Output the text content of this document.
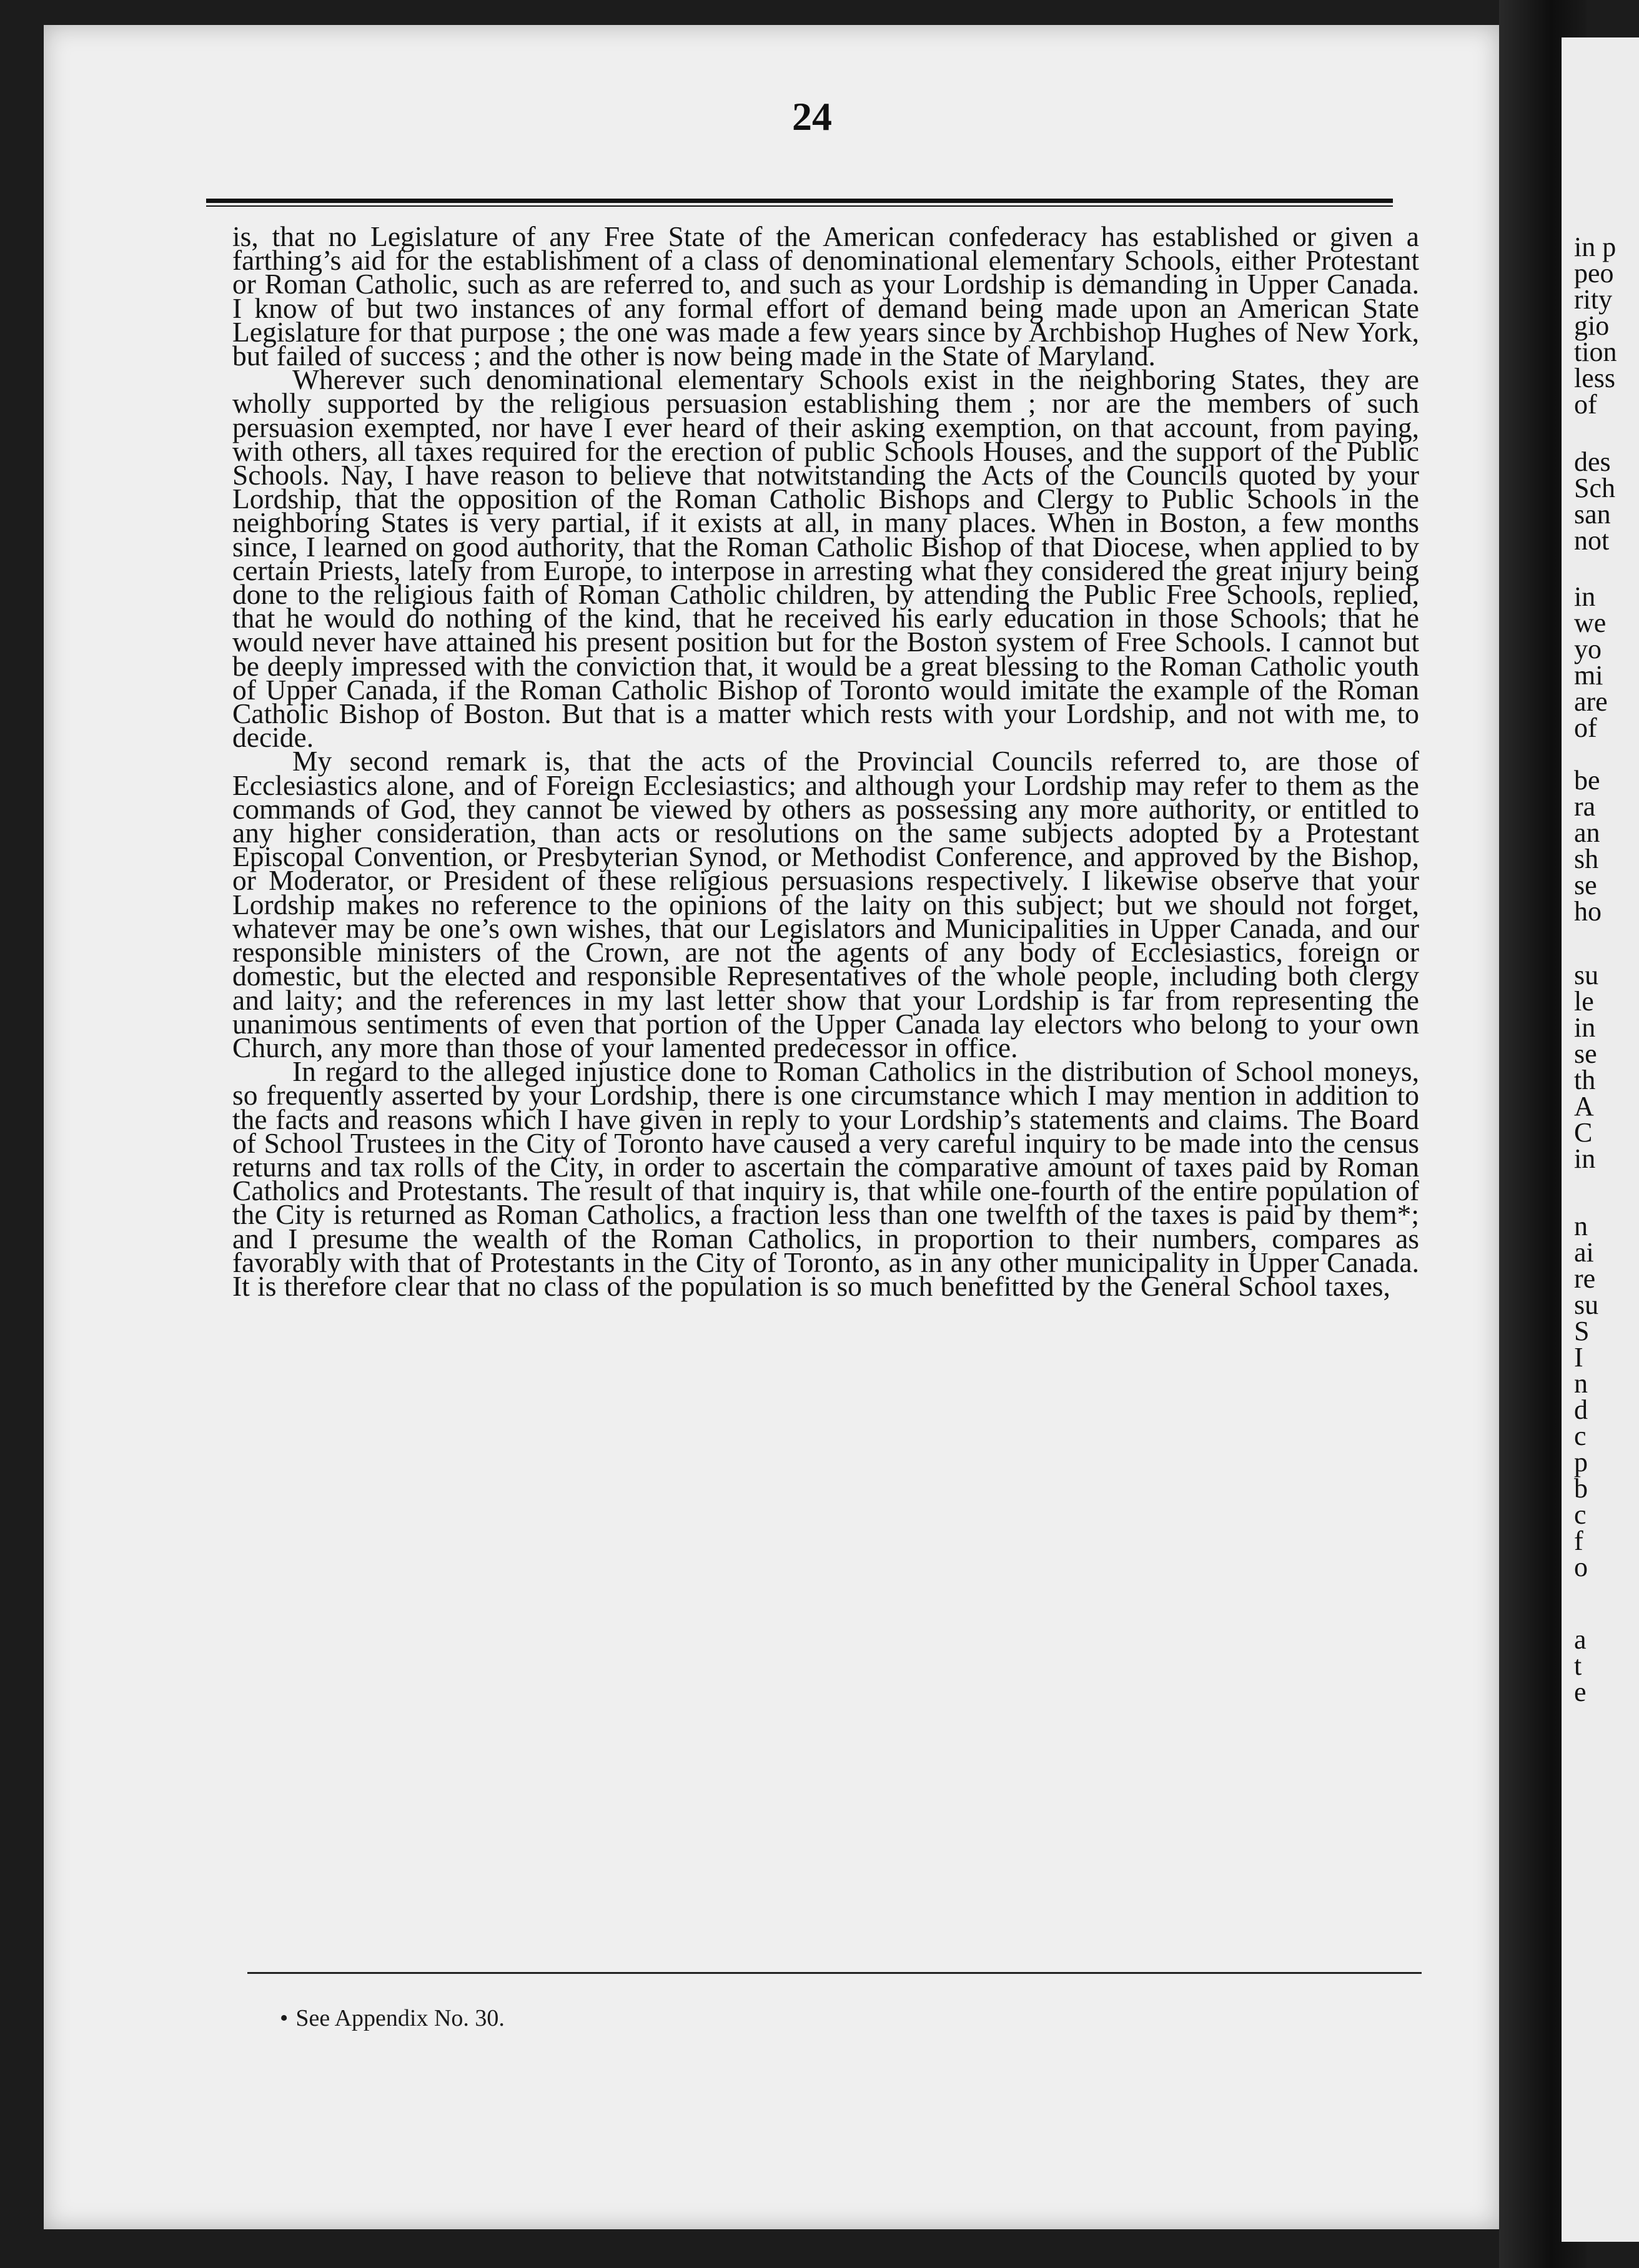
in p
peo
rity
gio
tion
less
of
des
Sch
san
not
in
we
yo
mi
are
of
be
ra
an
sh
se
ho
su
le
in
se
th
A
C
in
n
ai
re
su
S
I
n
d
c
p
b
c
f
o
a
t
e
24

is, that no Legislature of any Free State of the American confederacy has established or given a farthing’s aid for the establishment of a class of denominational elementary Schools, either Protestant or Roman Catholic, such as are referred to, and such as your Lordship is demanding in Upper Canada. I know of but two instances of any formal effort of demand being made upon an American State Legislature for that purpose ; the one was made a few years since by Archbishop Hughes of New York, but failed of success ; and the other is now being made in the State of Maryland.

Wherever such denominational elementary Schools exist in the neighboring States, they are wholly supported by the religious persuasion establishing them ; nor are the members of such persuasion exempted, nor have I ever heard of their asking exemption, on that account, from paying, with others, all taxes required for the erection of public Schools Houses, and the support of the Public Schools. Nay, I have reason to believe that notwitstanding the Acts of the Councils quoted by your Lordship, that the opposition of the Roman Catholic Bishops and Clergy to Public Schools in the neighboring States is very partial, if it exists at all, in many places. When in Boston, a few months since, I learned on good authority, that the Roman Catholic Bishop of that Diocese, when applied to by certain Priests, lately from Europe, to interpose in arresting what they considered the great injury being done to the religious faith of Roman Catholic children, by attending the Public Free Schools, replied, that he would do nothing of the kind, that he received his early education in those Schools; that he would never have attained his present position but for the Boston system of Free Schools. I cannot but be deeply impressed with the conviction that, it would be a great blessing to the Roman Catholic youth of Upper Canada, if the Roman Catholic Bishop of Toronto would imitate the example of the Roman Catholic Bishop of Boston. But that is a matter which rests with your Lordship, and not with me, to decide.

My second remark is, that the acts of the Provincial Councils referred to, are those of Ecclesiastics alone, and of Foreign Ecclesiastics; and although your Lordship may refer to them as the commands of God, they cannot be viewed by others as possessing any more authority, or entitled to any higher consideration, than acts or resolutions on the same subjects adopted by a Protestant Episcopal Convention, or Presbyterian Synod, or Methodist Conference, and approved by the Bishop, or Moderator, or President of these religious persuasions respectively. I likewise observe that your Lordship makes no reference to the opinions of the laity on this subject; but we should not forget, whatever may be one’s own wishes, that our Legislators and Municipalities in Upper Canada, and our responsible ministers of the Crown, are not the agents of any body of Ecclesiastics, foreign or domestic, but the elected and responsible Representatives of the whole people, including both clergy and laity; and the references in my last letter show that your Lordship is far from representing the unanimous sentiments of even that portion of the Upper Canada lay electors who belong to your own Church, any more than those of your lamented predecessor in office.

In regard to the alleged injustice done to Roman Catholics in the distribution of School moneys, so frequently asserted by your Lordship, there is one circumstance which I may mention in addition to the facts and reasons which I have given in reply to your Lordship’s statements and claims. The Board of School Trustees in the City of Toronto have caused a very careful inquiry to be made into the census returns and tax rolls of the City, in order to ascertain the comparative amount of taxes paid by Roman Catholics and Protestants. The result of that inquiry is, that while one-fourth of the entire population of the City is returned as Roman Catholics, a fraction less than one twelfth of the taxes is paid by them*; and I presume the wealth of the Roman Catholics, in proportion to their numbers, compares as favorably with that of Protestants in the City of Toronto, as in any other municipality in Upper Canada. It is therefore clear that no class of the population is so much benefitted by the General School taxes,

• See Appendix No. 30.
